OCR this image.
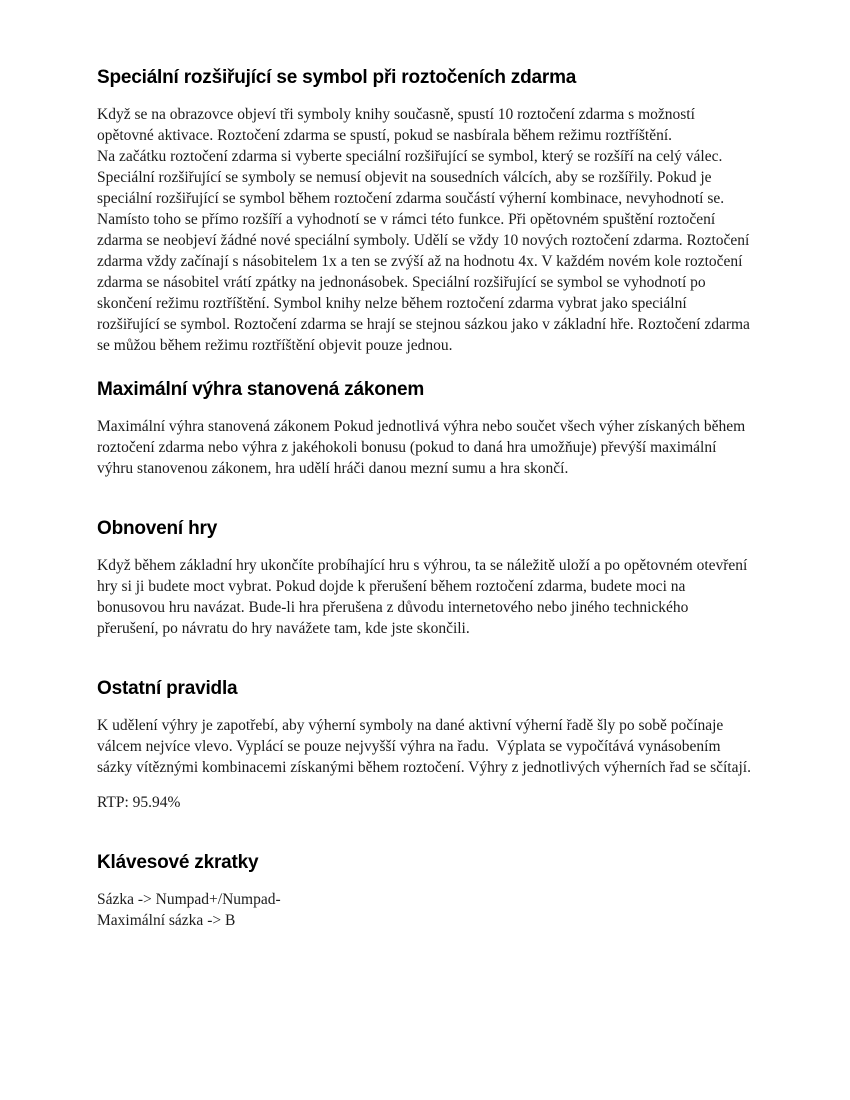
Speciální rozšiřující se symbol při roztočeních zdarma

Když se na obrazovce objeví tři symboly knihy současně, spustí 10 roztočení zdarma s možností opětovné aktivace. Roztočení zdarma se spustí, pokud se nasbírala během režimu roztříštění.

Na začátku roztočení zdarma si vyberte speciální rozšiřující se symbol, který se rozšíří na celý válec. Speciální rozšiřující se symboly se nemusí objevit na sousedních válcích, aby se rozšířily. Pokud je speciální rozšiřující se symbol během roztočení zdarma součástí výherní kombinace, nevyhodnotí se. Namísto toho se přímo rozšíří a vyhodnotí se v rámci této funkce. Při opětovném spuštění roztočení zdarma se neobjeví žádné nové speciální symboly. Udělí se vždy 10 nových roztočení zdarma. Roztočení zdarma vždy začínají s násobitelem 1x a ten se zvýší až na hodnotu 4x. V každém novém kole roztočení zdarma se násobitel vrátí zpátky na jednonásobek. Speciální rozšiřující se symbol se vyhodnotí po skončení režimu roztříštění. Symbol knihy nelze během roztočení zdarma vybrat jako speciální rozšiřující se symbol. Roztočení zdarma se hrají se stejnou sázkou jako v základní hře. Roztočení zdarma se můžou během režimu roztříštění objevit pouze jednou.

Maximální výhra stanovená zákonem

Maximální výhra stanovená zákonem Pokud jednotlivá výhra nebo součet všech výher získaných během roztočení zdarma nebo výhra z jakéhokoli bonusu (pokud to daná hra umožňuje) převýší maximální výhru stanovenou zákonem, hra udělí hráči danou mezní sumu a hra skončí.

Obnovení hry

Když během základní hry ukončíte probíhající hru s výhrou, ta se náležitě uloží a po opětovném otevření hry si ji budete moct vybrat. Pokud dojde k přerušení během roztočení zdarma, budete moci na bonusovou hru navázat. Bude-li hra přerušena z důvodu internetového nebo jiného technického přerušení, po návratu do hry navážete tam, kde jste skončili.

Ostatní pravidla

K udělení výhry je zapotřebí, aby výherní symboly na dané aktivní výherní řadě šly po sobě počínaje válcem nejvíce vlevo. Vyplácí se pouze nejvyšší výhra na řadu.  Výplata se vypočítává vynásobením sázky vítěznými kombinacemi získanými během roztočení. Výhry z jednotlivých výherních řad se sčítají.

RTP: 95.94%

Klávesové zkratky

Sázka -> Numpad+/Numpad-

Maximální sázka -> B
